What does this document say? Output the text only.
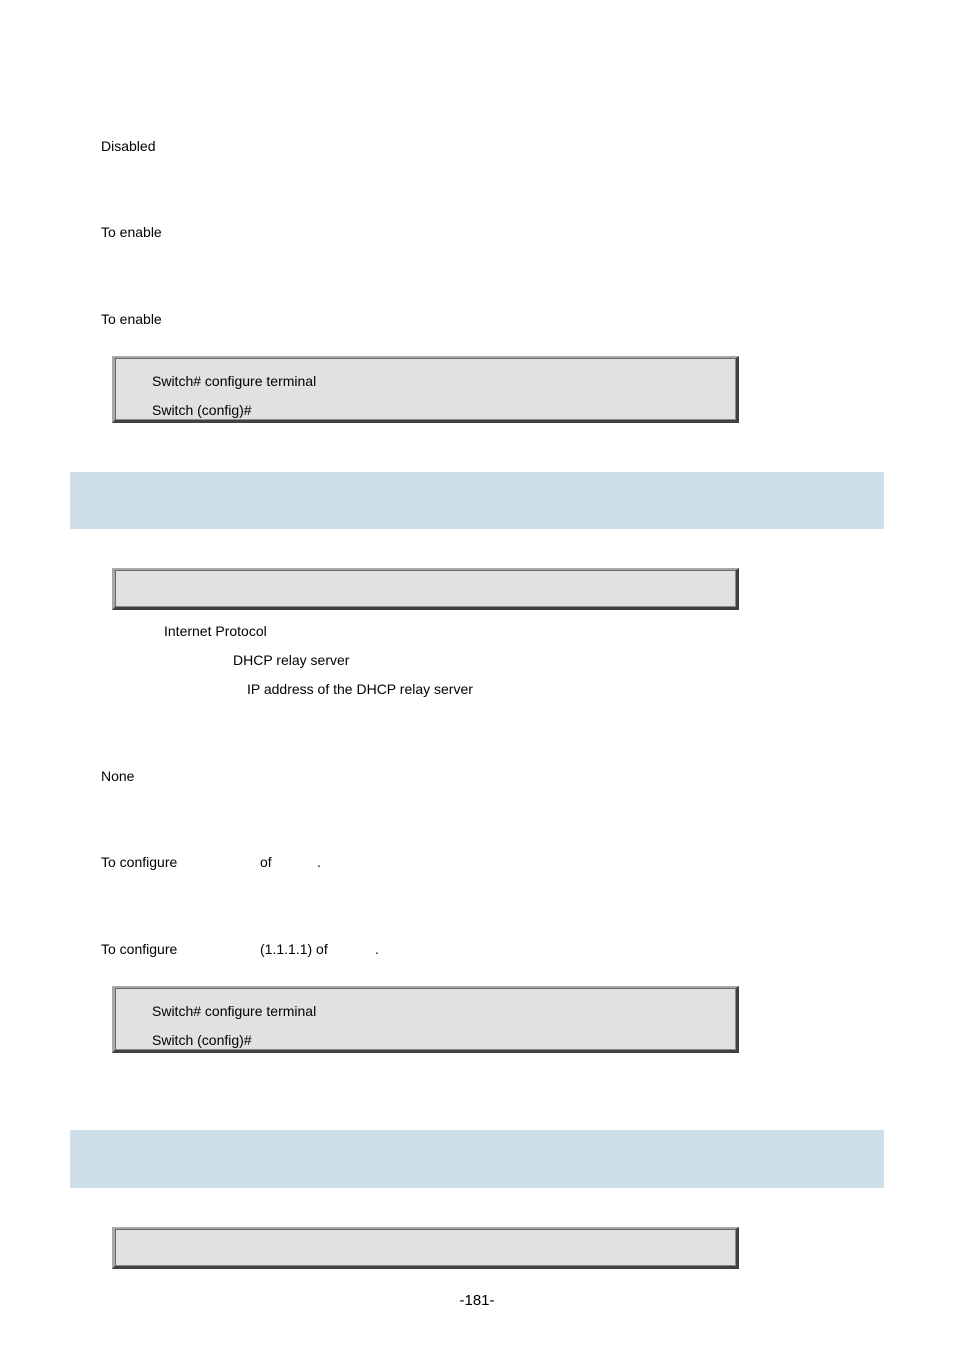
Disabled
To enable
To enable
Switch# configure terminal
Switch (config)#
Internet Protocol
DHCP relay server
IP address of the DHCP relay server
None
To configure	of	.
To configure	(1.1.1.1) of	.
Switch# configure terminal
Switch (config)#
-181-
